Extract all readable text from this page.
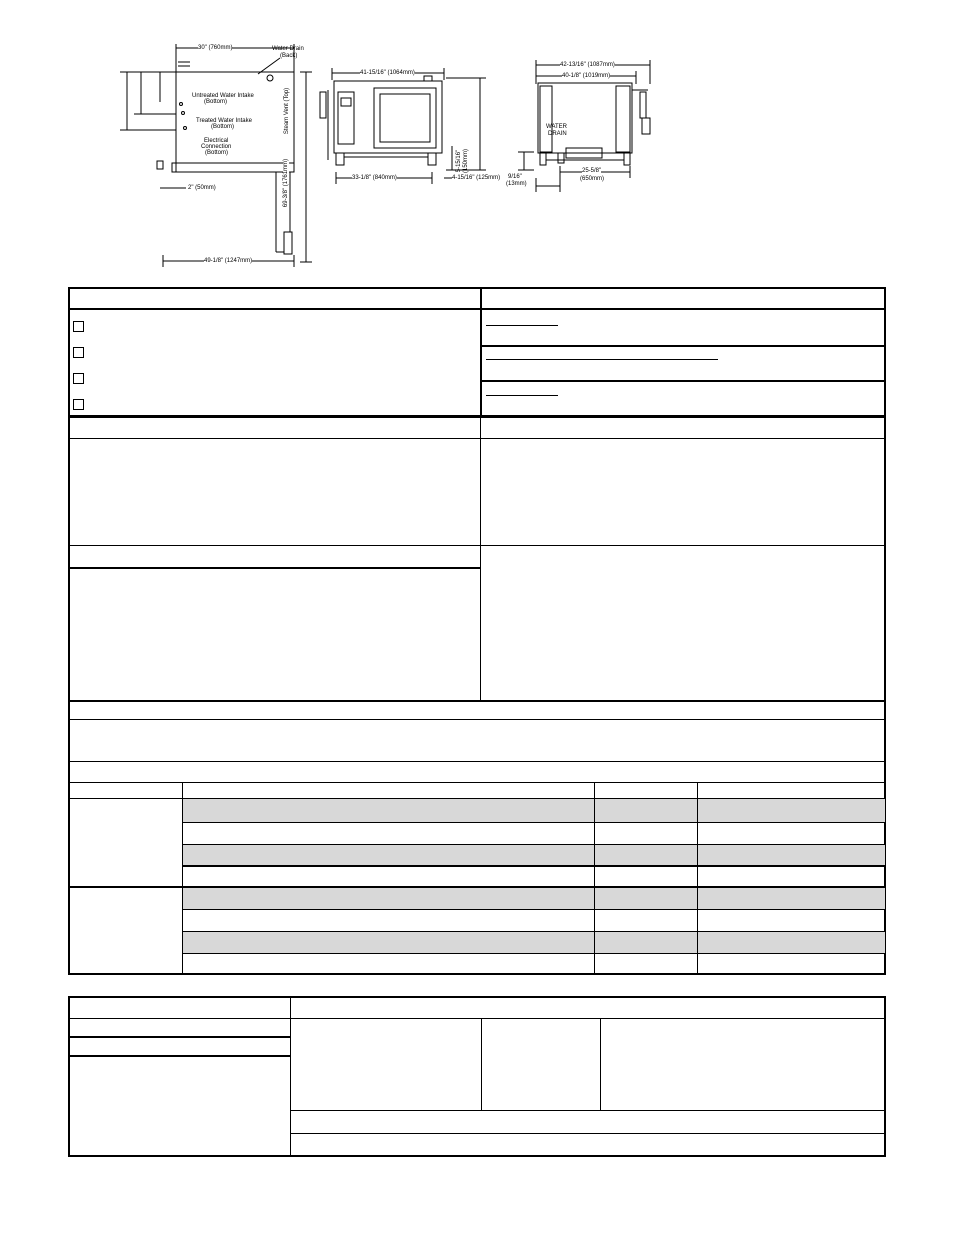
30" (760mm)	Water Drain
(Back)
Untreated Water Intake
(Bottom)
Treated Water Intake
(Bottom)
Electrical
Connection
(Bottom)
Steam Vent (Top)
69-3/8" (1761mm)
2" (50mm)
49-1/8" (1247mm)
41-15/16" (1064mm)
33-1/8" (840mm)	4-15/16" (125mm)
5-15/16" (150mm)
42-13/16" (1087mm)
40-1/8" (1019mm)
WATER
DRAIN
9/16"
(13mm)
25-5/8"
(650mm)
